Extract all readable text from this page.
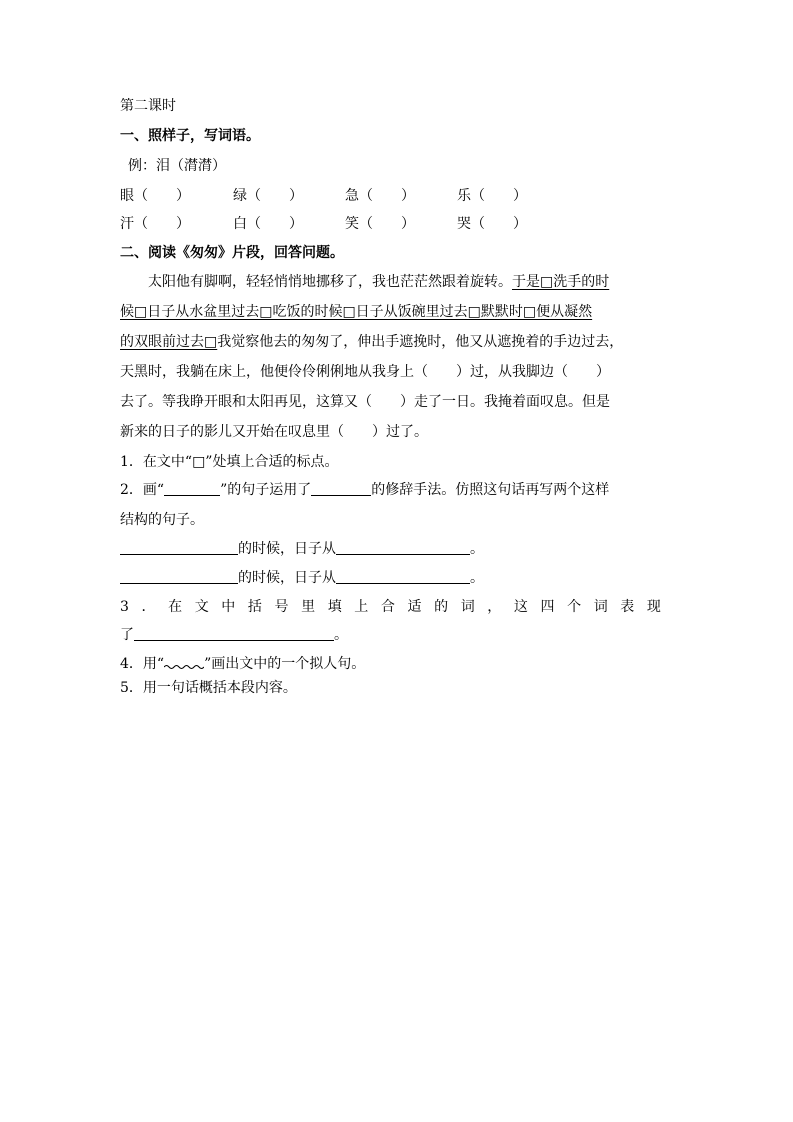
第二课时
一、照样子，写词语。
例：泪（潸潸）
眼（　　）	绿（　　）	急（　　）	乐（　　）
汗（　　）	白（　　）	笑（　　）	哭（　　）
二、阅读《匆匆》片段，回答问题。
太阳他有脚啊，轻轻悄悄地挪移了，我也茫茫然跟着旋转。于是□洗手的时
候□日子从水盆里过去□吃饭的时候□日子从饭碗里过去□默默时□便从凝然
的双眼前过去□我觉察他去的匆匆了，伸出手遮挽时，他又从遮挽着的手边过去，
天黑时，我躺在床上，他便伶伶俐俐地从我身上（　　）过，从我脚边（　　）
去了。等我睁开眼和太阳再见，这算又（　　）走了一日。我掩着面叹息。但是
新来的日子的影儿又开始在叹息里（　　）过了。
1．在文中“□”处填上合适的标点。
2．画“	”的句子运用了	的修辞手法。仿照这句话再写两个这样
结构的句子。
的时候，日子从	。
的时候，日子从	。
3．在文中括号里填上合适的词，这四个词表现
了	。
4．用“	”画出文中的一个拟人句。
5．用一句话概括本段内容。
